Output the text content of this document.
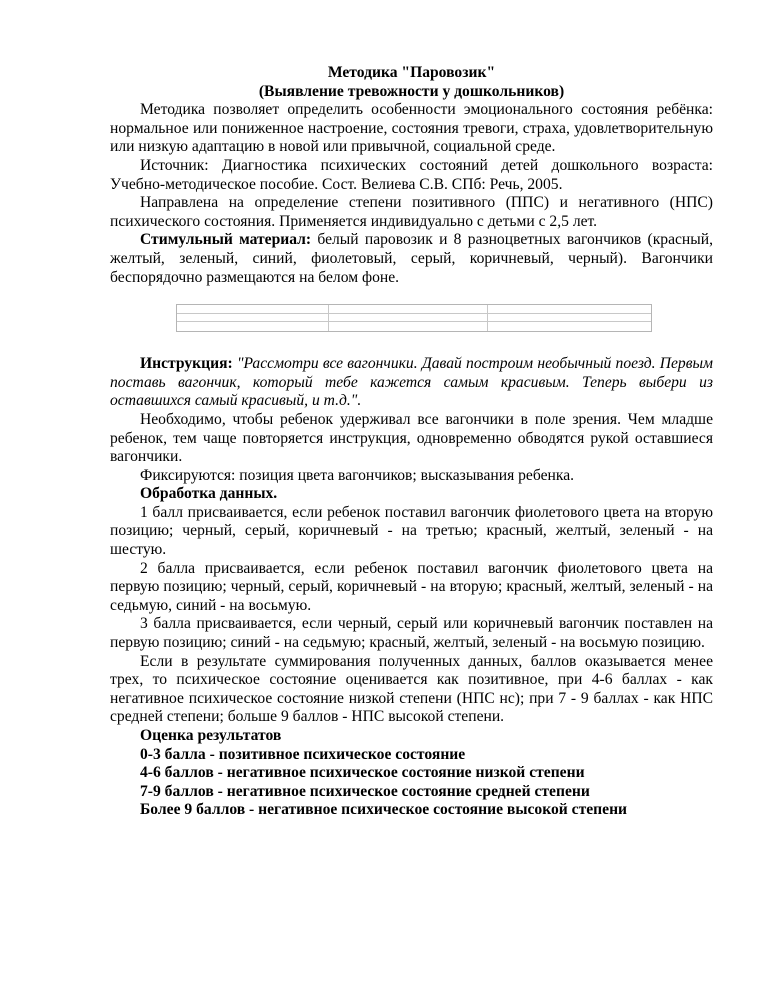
Методика "Паровозик"

(Выявление тревожности у дошкольников)

Методика позволяет определить особенности эмоционального состояния ребёнка: нормальное или пониженное настроение, состояния тревоги, страха, удовлетворительную или низкую адаптацию в новой или привычной, социальной среде.

Источник: Диагностика психических состояний детей дошкольного возраста: Учебно-методическое пособие. Сост. Велиева С.В. СПб: Речь, 2005.

Направлена на определение степени позитивного (ППС) и негативного (НПС) психического состояния. Применяется индивидуально с детьми с 2,5 лет.

Стимульный материал: белый паровозик и 8 разноцветных вагончиков (красный, желтый, зеленый, синий, фиолетовый, серый, коричневый, черный). Вагончики беспорядочно размещаются на белом фоне.

Инструкция: "Рассмотри все вагончики. Давай построим необычный поезд. Первым поставь вагончик, который тебе кажется самым красивым. Теперь выбери из оставшихся самый красивый, и т.д.".

Необходимо, чтобы ребенок удерживал все вагончики в поле зрения. Чем младше ребенок, тем чаще повторяется инструкция, одновременно обводятся рукой оставшиеся вагончики.

Фиксируются: позиция цвета вагончиков; высказывания ребенка.

Обработка данных.

1 балл присваивается, если ребенок поставил вагончик фиолетового цвета на вторую позицию; черный, серый, коричневый - на третью; красный, желтый, зеленый - на шестую.

2 балла присваивается, если ребенок поставил вагончик фиолетового цвета на первую позицию; черный, серый, коричневый - на вторую; красный, желтый, зеленый - на седьмую, синий - на восьмую.

3 балла присваивается, если черный, серый или коричневый вагончик поставлен на первую позицию; синий - на седьмую; красный, желтый, зеленый - на восьмую позицию.

Если в результате суммирования полученных данных, баллов оказывается менее трех, то психическое состояние оценивается как позитивное, при 4-6 баллах - как негативное психическое состояние низкой степени (НПС нс); при 7 - 9 баллах - как НПС средней степени; больше 9 баллов - НПС высокой степени.

Оценка результатов

0-3 балла - позитивное психическое состояние

4-6 баллов - негативное психическое состояние низкой степени

7-9 баллов - негативное психическое состояние средней степени

Более 9 баллов - негативное психическое состояние высокой степени
